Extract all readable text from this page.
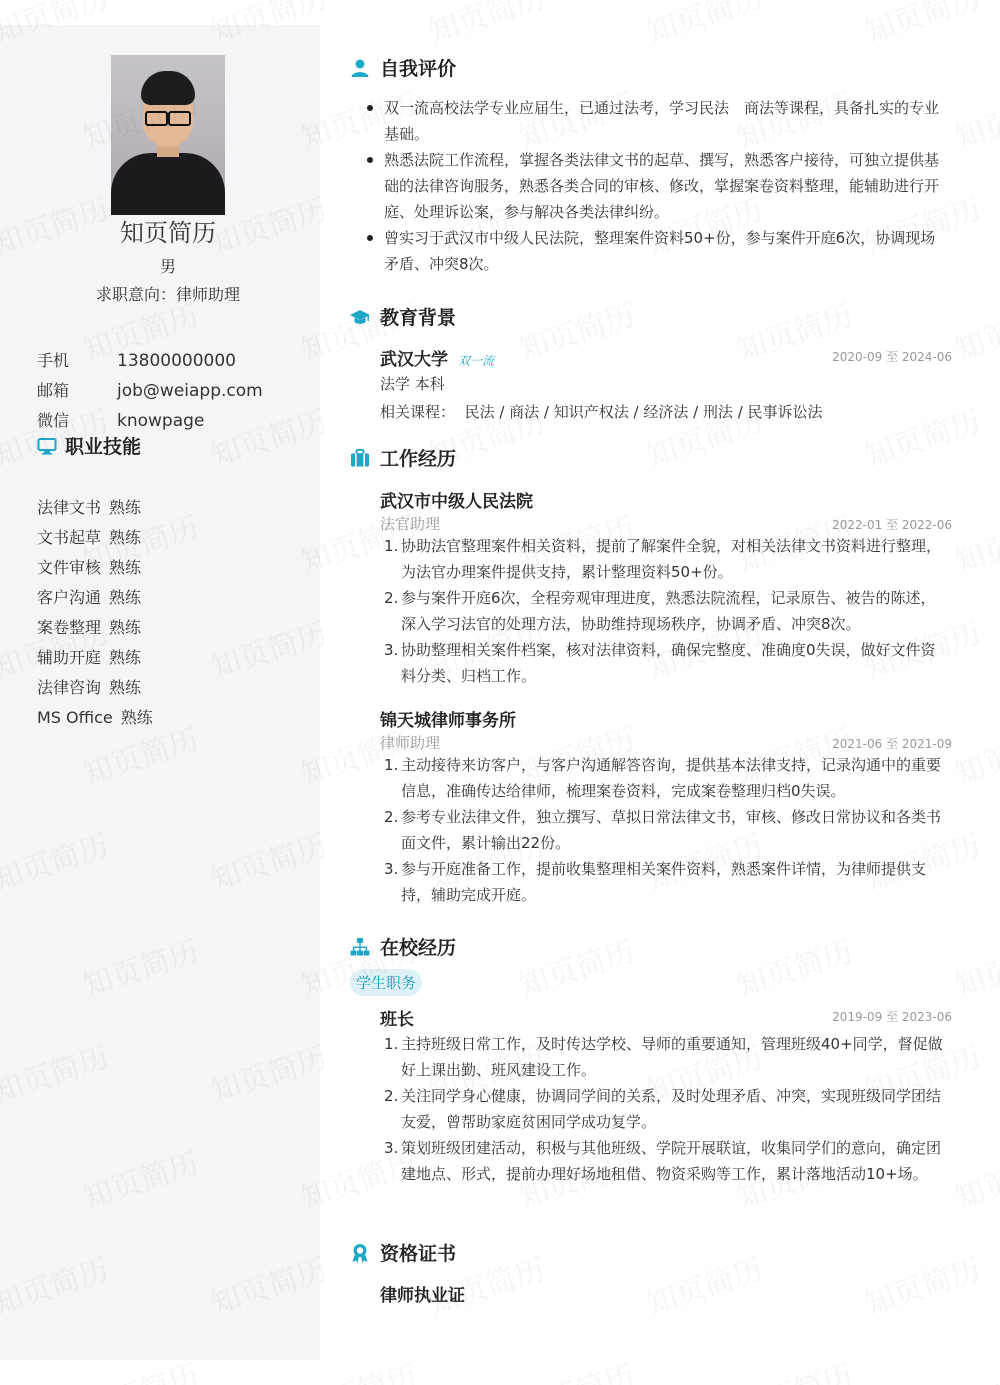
知页简历
男
求职意向：律师助理
手机	13800000000
邮箱	job@weiapp.com
微信	knowpage
职业技能
法律文书 熟练
文书起草 熟练
文件审核 熟练
客户沟通 熟练
案卷整理 熟练
辅助开庭 熟练
法律咨询 熟练
MS Office 熟练
自我评价
双一流高校法学专业应届生，已通过法考，学习民法　商法等课程，具备扎实的专业基础。
熟悉法院工作流程，掌握各类法律文书的起草、撰写，熟悉客户接待，可独立提供基础的法律咨询服务，熟悉各类合同的审核、修改，掌握案卷资料整理，能辅助进行开庭、处理诉讼案，参与解决各类法律纠纷。
曾实习于武汉市中级人民法院，整理案件资料50+份，参与案件开庭6次，协调现场矛盾、冲突8次。
教育背景
武汉大学 双一流	2020-09 至 2024-06
法学 本科
相关课程： 民法 / 商法 / 知识产权法 / 经济法 / 刑法 / 民事诉讼法
工作经历
武汉市中级人民法院
法官助理	2022-01 至 2022-06
1. 协助法官整理案件相关资料，提前了解案件全貌，对相关法律文书资料进行整理，为法官办理案件提供支持，累计整理资料50+份。
2. 参与案件开庭6次，全程旁观审理进度，熟悉法院流程，记录原告、被告的陈述，深入学习法官的处理方法，协助维持现场秩序，协调矛盾、冲突8次。
3. 协助整理相关案件档案，核对法律资料，确保完整度、准确度0失误，做好文件资料分类、归档工作。
锦天城律师事务所
律师助理	2021-06 至 2021-09
1. 主动接待来访客户，与客户沟通解答咨询，提供基本法律支持，记录沟通中的重要信息，准确传达给律师，梳理案卷资料，完成案卷整理归档0失误。
2. 参考专业法律文件，独立撰写、草拟日常法律文书，审核、修改日常协议和各类书面文件，累计输出22份。
3. 参与开庭准备工作，提前收集整理相关案件资料，熟悉案件详情，为律师提供支持，辅助完成开庭。
在校经历
学生职务
班长	2019-09 至 2023-06
1. 主持班级日常工作，及时传达学校、导师的重要通知，管理班级40+同学，督促做好上课出勤、班风建设工作。
2. 关注同学身心健康，协调同学间的关系，及时处理矛盾、冲突，实现班级同学团结友爱，曾帮助家庭贫困同学成功复学。
3. 策划班级团建活动，积极与其他班级、学院开展联谊，收集同学们的意向，确定团建地点、形式，提前办理好场地租借、物资采购等工作，累计落地活动10+场。
资格证书
律师执业证
